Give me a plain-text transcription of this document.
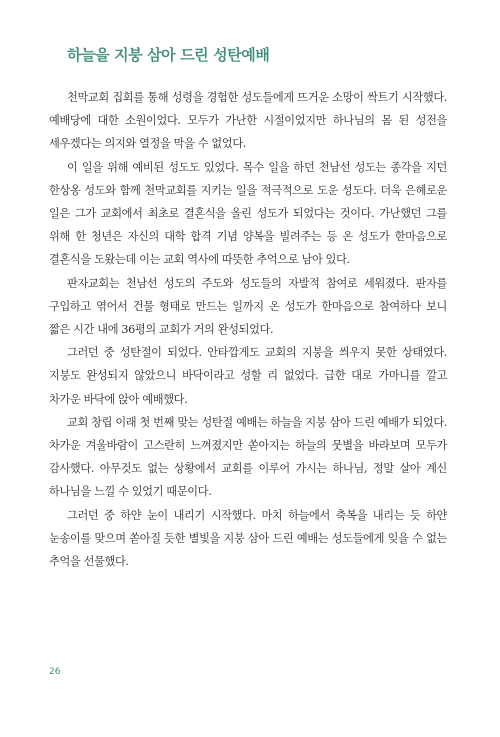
하늘을 지붕 삼아 드린 성탄예배

천막교회 집회를 통해 성령을 경험한 성도들에게 뜨거운 소망이 싹트기 시작했다. 예배당에 대한 소원이었다. 모두가 가난한 시절이었지만 하나님의 몸 된 성전을 세우겠다는 의지와 열정을 막을 수 없었다.

이 일을 위해 예비된 성도도 있었다. 목수 일을 하던 천남선 성도는 종각을 지던 한상옹 성도와 함께 천막교회를 지키는 일을 적극적으로 도운 성도다. 더욱 은혜로운 일은 그가 교회에서 최초로 결혼식을 올린 성도가 되었다는 것이다. 가난했던 그를 위해 한 청년은 자신의 대학 합격 기념 양복을 빌려주는 등 온 성도가 한마음으로 결혼식을 도왔는데 이는 교회 역사에 따뜻한 추억으로 남아 있다.

판자교회는 천남선 성도의 주도와 성도들의 자발적 참여로 세워졌다. 판자를 구입하고 엮어서 건물 형태로 만드는 일까지 온 성도가 한마음으로 참여하다 보니 짧은 시간 내에 36평의 교회가 거의 완성되었다.

그러던 중 성탄절이 되었다. 안타깝게도 교회의 지붕을 씌우지 못한 상태였다. 지붕도 완성되지 않았으니 바닥이라고 성할 리 없었다. 급한 대로 가마니를 깔고 차가운 바닥에 앉아 예배했다.

교회 창립 이래 첫 번째 맞는 성탄절 예배는 하늘을 지붕 삼아 드린 예배가 되었다. 차가운 겨울바람이 고스란히 느껴졌지만 쏟아지는 하늘의 뭇별을 바라보며 모두가 감사했다. 아무것도 없는 상황에서 교회를 이루어 가시는 하나님, 정말 살아 계신 하나님을 느낄 수 있었기 때문이다.

그러던 중 하얀 눈이 내리기 시작했다. 마치 하늘에서 축복을 내리는 듯 하얀 눈송이를 맞으며 쏟아질 듯한 별빛을 지붕 삼아 드린 예배는 성도들에게 잊을 수 없는 추억을 선물했다.

26
